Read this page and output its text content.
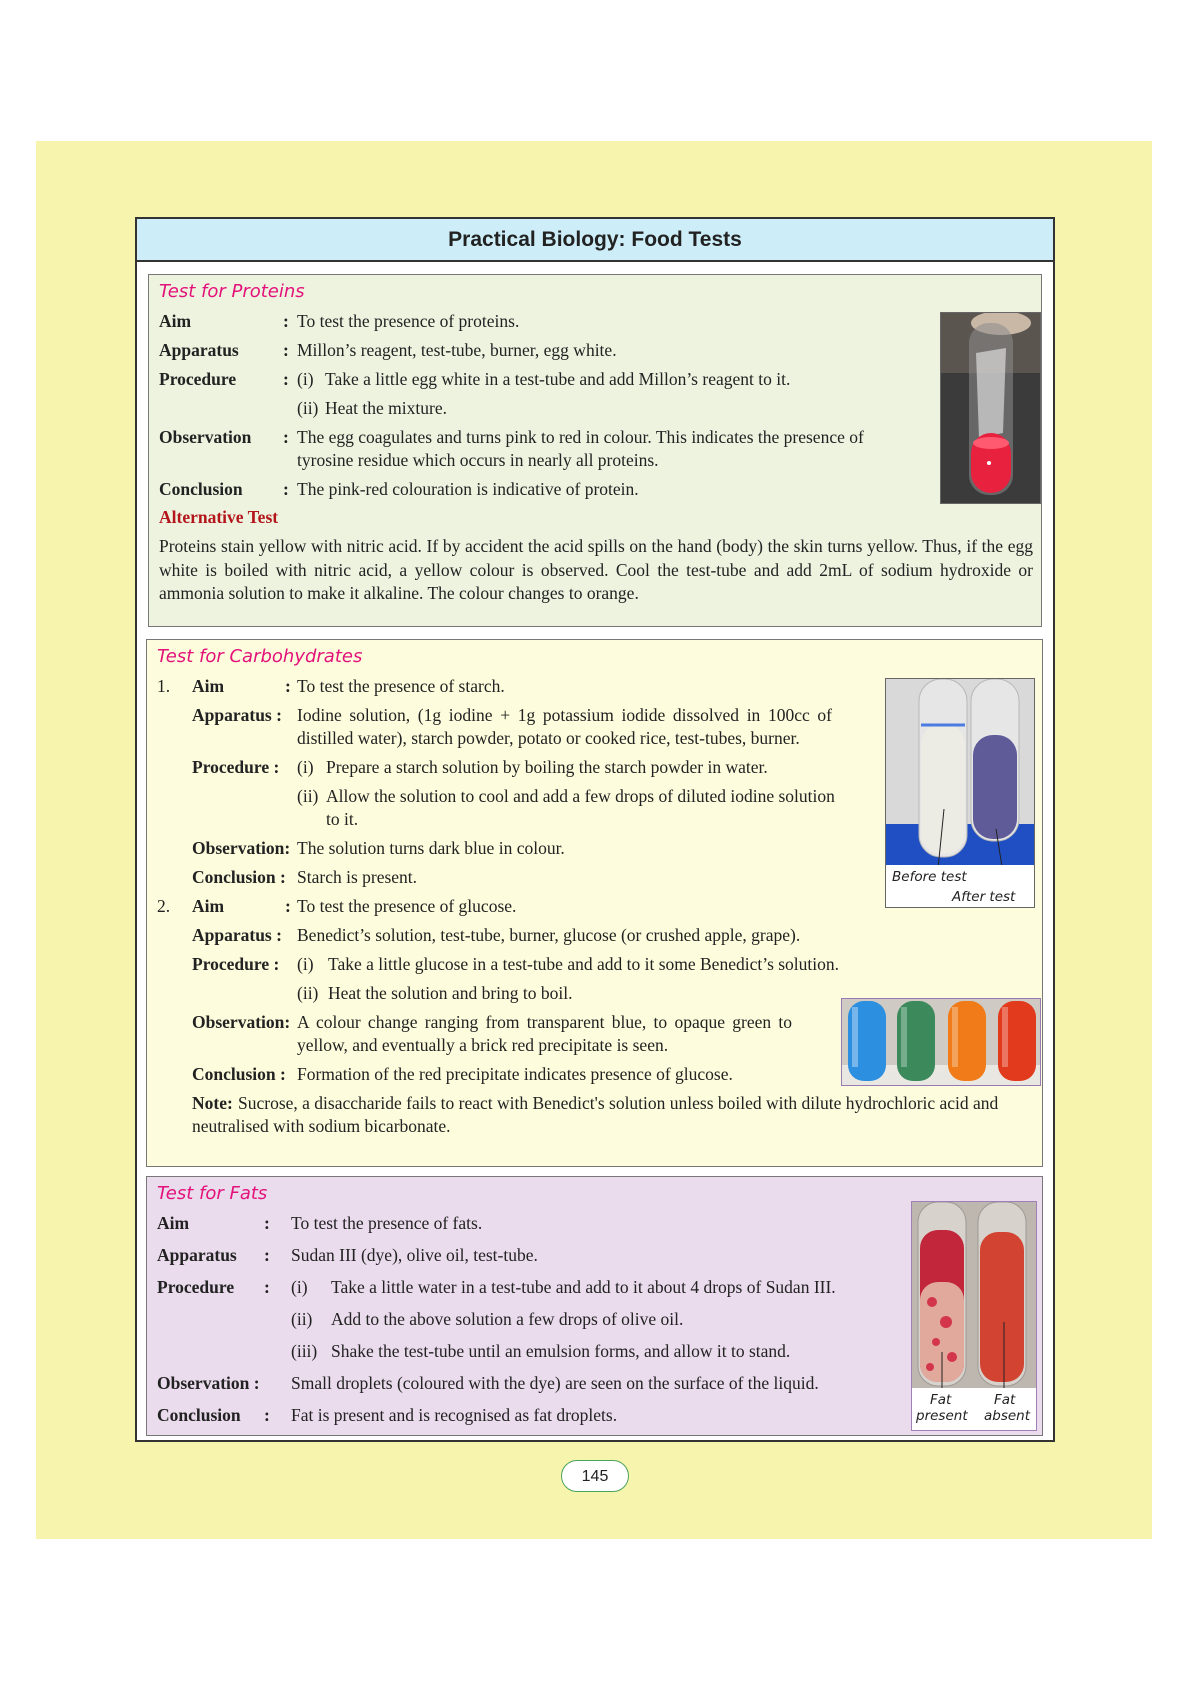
Practical Biology: Food Tests
Test for Proteins
Aim	: To test the presence of proteins.
Apparatus	: Millon’s reagent, test-tube, burner, egg white.
Procedure	: (i) Take a little egg white in a test-tube and add Millon’s reagent to it.
(ii) Heat the mixture.
Observation : The egg coagulates and turns pink to red in colour. This indicates the presence of tyrosine residue which occurs in nearly all proteins.
Conclusion : The pink-red colouration is indicative of protein.
Alternative Test
Proteins stain yellow with nitric acid. If by accident the acid spills on the hand (body) the skin turns yellow. Thus, if the egg white is boiled with nitric acid, a yellow colour is observed. Cool the test-tube and add 2mL of sodium hydroxide or ammonia solution to make it alkaline. The colour changes to orange.
Test for Carbohydrates
1. Aim	: To test the presence of starch.
Apparatus : Iodine solution, (1g iodine + 1g potassium iodide dissolved in 100cc of distilled water), starch powder, potato or cooked rice, test-tubes, burner.
Procedure : (i) Prepare a starch solution by boiling the starch powder in water.
(ii) Allow the solution to cool and add a few drops of diluted iodine solution to it.
Observation: The solution turns dark blue in colour.
Conclusion : Starch is present.
2. Aim	: To test the presence of glucose.
Apparatus : Benedict’s solution, test-tube, burner, glucose (or crushed apple, grape).
Procedure : (i) Take a little glucose in a test-tube and add to it some Benedict’s solution.
(ii) Heat the solution and bring to boil.
Observation: A colour change ranging from transparent blue, to opaque green to yellow, and eventually a brick red precipitate is seen.
Conclusion : Formation of the red precipitate indicates presence of glucose.
Note: Sucrose, a disaccharide fails to react with Benedict's solution unless boiled with dilute hydrochloric acid and neutralised with sodium bicarbonate.
Before test
After test
Test for Fats
Aim	: To test the presence of fats.
Apparatus : Sudan III (dye), olive oil, test-tube.
Procedure : (i) Take a little water in a test-tube and add to it about 4 drops of Sudan III.
(ii) Add to the above solution a few drops of olive oil.
(iii) Shake the test-tube until an emulsion forms, and allow it to stand.
Observation : Small droplets (coloured with the dye) are seen on the surface of the liquid.
Conclusion : Fat is present and is recognised as fat droplets.
Fat
present
Fat
absent
145
